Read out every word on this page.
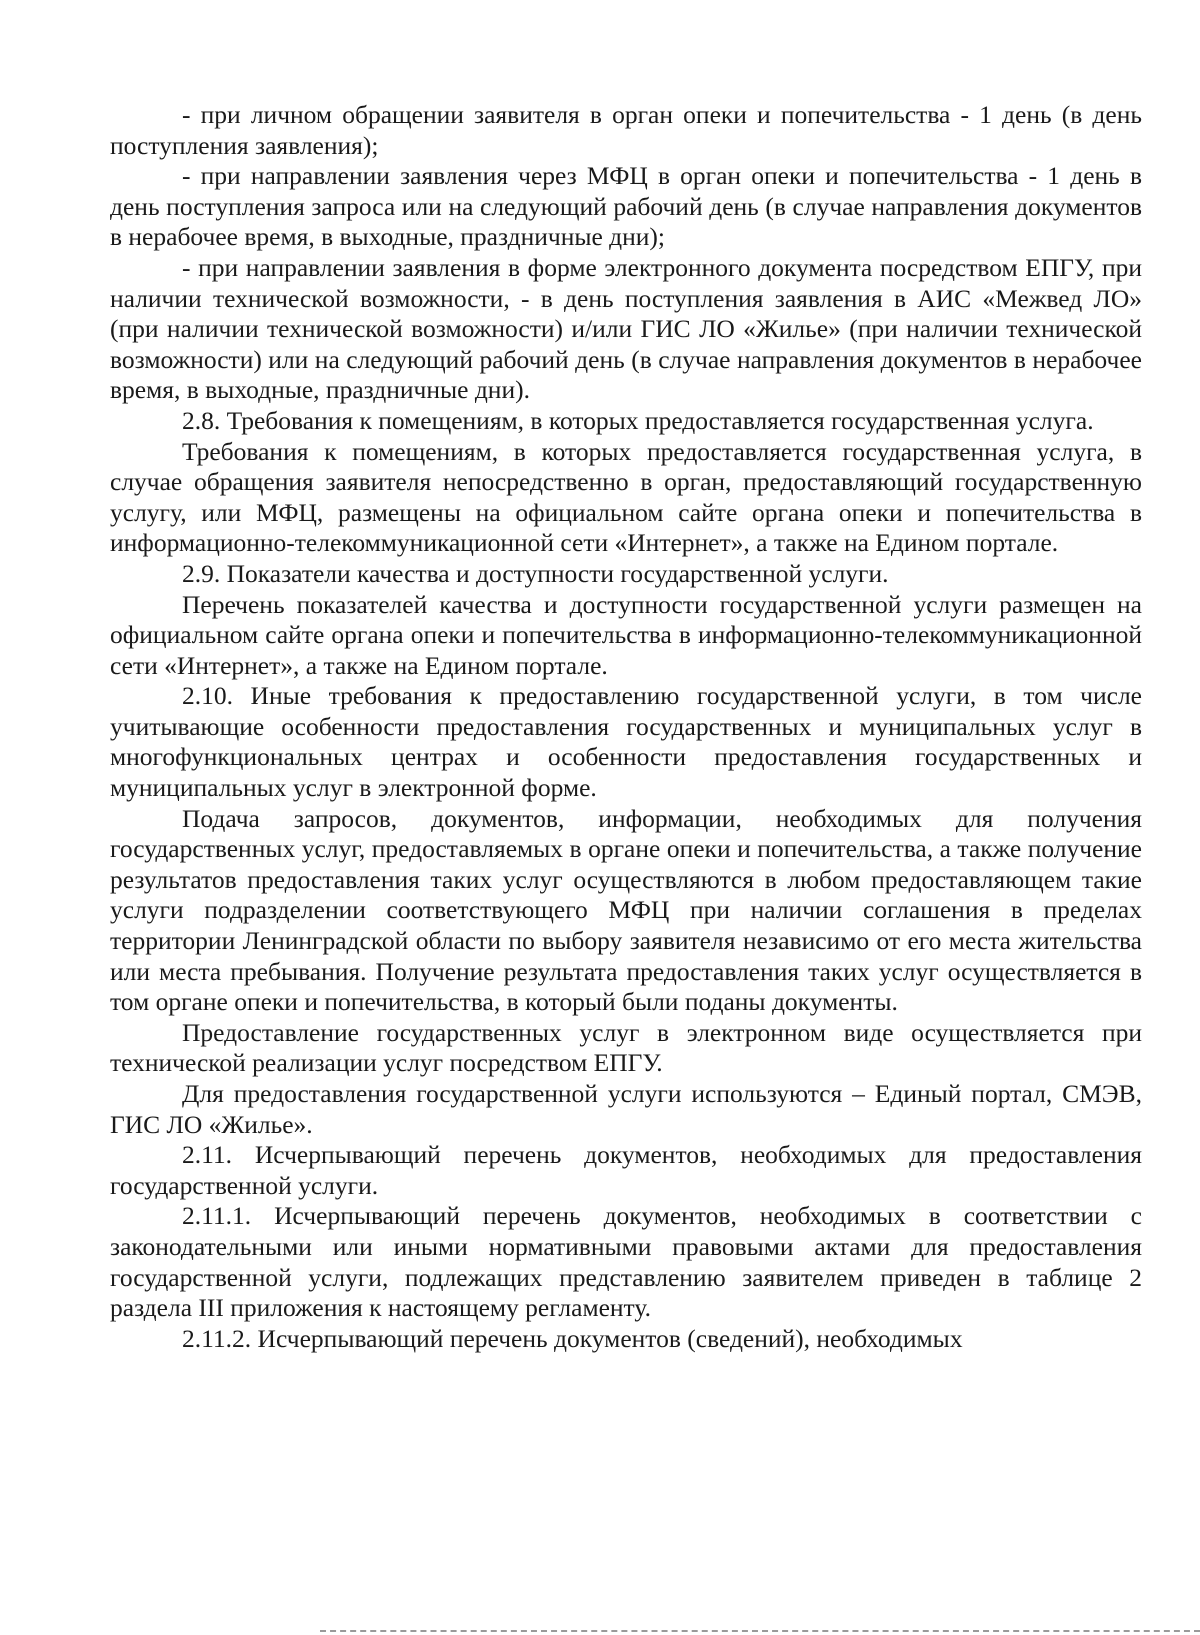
- при личном обращении заявителя в орган опеки и попечительства - 1 день (в день поступления заявления);

- при направлении заявления через МФЦ в орган опеки и попечительства - 1 день в день поступления запроса или на следующий рабочий день (в случае направления документов в нерабочее время, в выходные, праздничные дни);

- при направлении заявления в форме электронного документа посредством ЕПГУ, при наличии технической возможности, - в день поступления заявления в АИС «Межвед ЛО» (при наличии технической возможности) и/или ГИС ЛО «Жилье» (при наличии технической возможности) или на следующий рабочий день (в случае направления документов в нерабочее время, в выходные, праздничные дни).

2.8. Требования к помещениям, в которых предоставляется государственная услуга.

Требования к помещениям, в которых предоставляется государственная услуга, в случае обращения заявителя непосредственно в орган, предоставляющий государственную услугу, или МФЦ, размещены на официальном сайте органа опеки и попечительства в информационно-телекоммуникационной сети «Интернет», а также на Едином портале.

2.9. Показатели качества и доступности государственной услуги.

Перечень показателей качества и доступности государственной услуги размещен на официальном сайте органа опеки и попечительства в информационно-телекоммуникационной сети «Интернет», а также на Едином портале.

2.10. Иные требования к предоставлению государственной услуги, в том числе учитывающие особенности предоставления государственных и муниципальных услуг в многофункциональных центрах и особенности предоставления государственных и муниципальных услуг в электронной форме.

Подача запросов, документов, информации, необходимых для получения государственных услуг, предоставляемых в органе опеки и попечительства, а также получение результатов предоставления таких услуг осуществляются в любом предоставляющем такие услуги подразделении соответствующего МФЦ при наличии соглашения в пределах территории Ленинградской области по выбору заявителя независимо от его места жительства или места пребывания. Получение результата предоставления таких услуг осуществляется в том органе опеки и попечительства, в который были поданы документы.

Предоставление государственных услуг в электронном виде осуществляется при технической реализации услуг посредством ЕПГУ.

Для предоставления государственной услуги используются – Единый портал, СМЭВ, ГИС ЛО «Жилье».

2.11. Исчерпывающий перечень документов, необходимых для предоставления государственной услуги.

2.11.1. Исчерпывающий перечень документов, необходимых в соответствии с законодательными или иными нормативными правовыми актами для предоставления государственной услуги, подлежащих представлению заявителем приведен в таблице 2 раздела III приложения к настоящему регламенту.

2.11.2. Исчерпывающий перечень документов (сведений), необходимых
